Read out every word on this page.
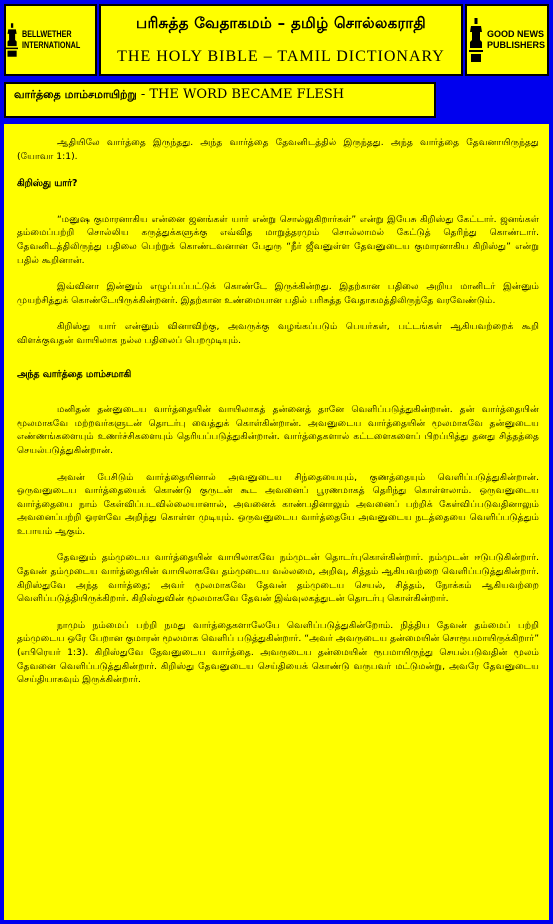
BELLWETHER
INTERNATIONAL
பரிசுத்த வேதாகமம் – தமிழ் சொல்லகராதி
THE HOLY BIBLE – TAMIL DICTIONARY
GOOD NEWS
PUBLISHERS
வார்த்தை மாம்சமாயிற்று - THE WORD BECAME FLESH

ஆதியிலே வார்த்தை இருந்தது. அந்த வார்த்தை தேவனிடத்தில் இருந்தது. அந்த வார்த்தை தேவனாயிருந்தது (யோவா 1:1).

கிறிஸ்து யார்?

“மனுஷ குமாரனாகிய என்னை ஜனங்கள் யார் என்று சொல்லுகிறார்கள்” என்று இயேசு கிறிஸ்து கேட்டார். ஜனங்கள் தம்மைப்பற்றி சொல்லிய கருத்துக்களுக்கு எவ்வித மாறுத்தரமும் சொல்லாமல் கேட்டுத் தெரிந்து கொண்டார். தேவனிடத்திலிருந்து பதிலை பெற்றுக் கொண்டவனான பேதுரு “நீர் ஜீவனுள்ள தேவனுடைய குமாரனாகிய கிறிஸ்து” என்று பதில் கூறினான்.

இவ்வினா இன்னும் எழுப்பப்பட்டுக் கொண்டே இருக்கின்றது. இதற்கான பதிலை அறிய மானிடர் இன்னும் முயற்சித்துக் கொண்டேயிருக்கின்றனர். இதற்கான உண்மையான பதில் பரிசுத்த வேதாகமத்திலிருந்தே வரவேண்டும்.

கிறிஸ்து யார் என்னும் வினாவிற்கு, அவருக்கு வழங்கப்படும் பெயர்கள், பட்டங்கள் ஆகியவற்றைக் கூறி விளக்குவதன் வாயிலாக நல்ல பதிலைப் பெறமுடியும்.

அந்த வார்த்தை மாம்சமாகி

மனிதன் தன்னுடைய வார்த்தையின் வாயிலாகத் தன்னைத் தானே வெளிப்படுத்துகின்றான். தன் வார்த்தையின் மூலமாகவே மற்றவர்களுடன் தொடர்பு வைத்துக் கொள்கின்றான். அவனுடைய வார்த்தையின் மூலமாகவே தன்னுடைய எண்ணங்களையும் உணர்ச்சிகளையும் தெரியப்படுத்துகின்றான். வார்த்தைகளால் கட்டளைகளைப் பிறப்பித்து தனது சித்தத்தை செயல்படுத்துகின்றான்.

அவன் பேசிடும் வார்த்தையினால் அவனுடைய சிந்தையையும், குணத்தையும் வெளிப்படுத்துகின்றான். ஒருவனுடைய வார்த்தையைக் கொண்டு குருடன் கூட அவனைப் பூரணமாகத் தெரிந்து கொள்ளலாம். ஒருவனுடைய வார்த்தையை நாம் கேள்விப்படவில்லையானால், அவனைக் காண்பதினாலும் அவனைப் பற்றிக் கேள்விப்படுவதினாலும் அவனைப்பற்றி ஓரளவே அறிந்து கொள்ள முடியும். ஒருவனுடைய வார்த்தையே அவனுடைய நடத்தையை வெளிப்படுத்தும் உபாயம் ஆகும்.

தேவனும் தம்முடைய வார்த்தையின் வாயிலாகவே நம்முடன் தொடர்புகொள்கின்றார். நம்முடன் ஈடுபடுகின்றார். தேவன் தம்முடைய வார்த்தையின் வாயிலாகவே தம்முடைய வல்லமை, அறிவு, சித்தம் ஆகியவற்றை வெளிப்படுத்துகின்றார். கிறிஸ்துவே அந்த வார்த்தை; அவர் மூலமாகவே தேவன் தம்முடைய செயல், சித்தம், நோக்கம் ஆகியவற்றை வெளிப்படுத்தியிருக்கிறார். கிறிஸ்துவின் மூலமாகவே தேவன் இவ்வுலகத்துடன் தொடர்பு கொள்கின்றார்.

நாமும் நம்மைப் பற்றி நமது வார்த்தைகளாலேயே வெளிப்படுத்துகின்றோம். நித்திய தேவன் தம்மைப் பற்றி தம்முடைய ஒரே பேறான குமாரன் மூலமாக வெளிப் படுத்துகின்றார். “அவர் அவருடைய தன்மையின் சொரூபமாயிருக்கிறார்” (எபிரெயர் 1:3). கிறிஸ்துவே தேவனுடைய வார்த்தை. அவருடைய தன்மையின் ரூபமாயிருந்து செயல்படுவதின் மூலம் தேவனை வெளிப்படுத்துகின்றார். கிறிஸ்து தேவனுடைய செய்தியைக் கொண்டு வருபவர் மட்டுமன்று, அவரே தேவனுடைய செய்தியாகவும் இருக்கின்றார்.
